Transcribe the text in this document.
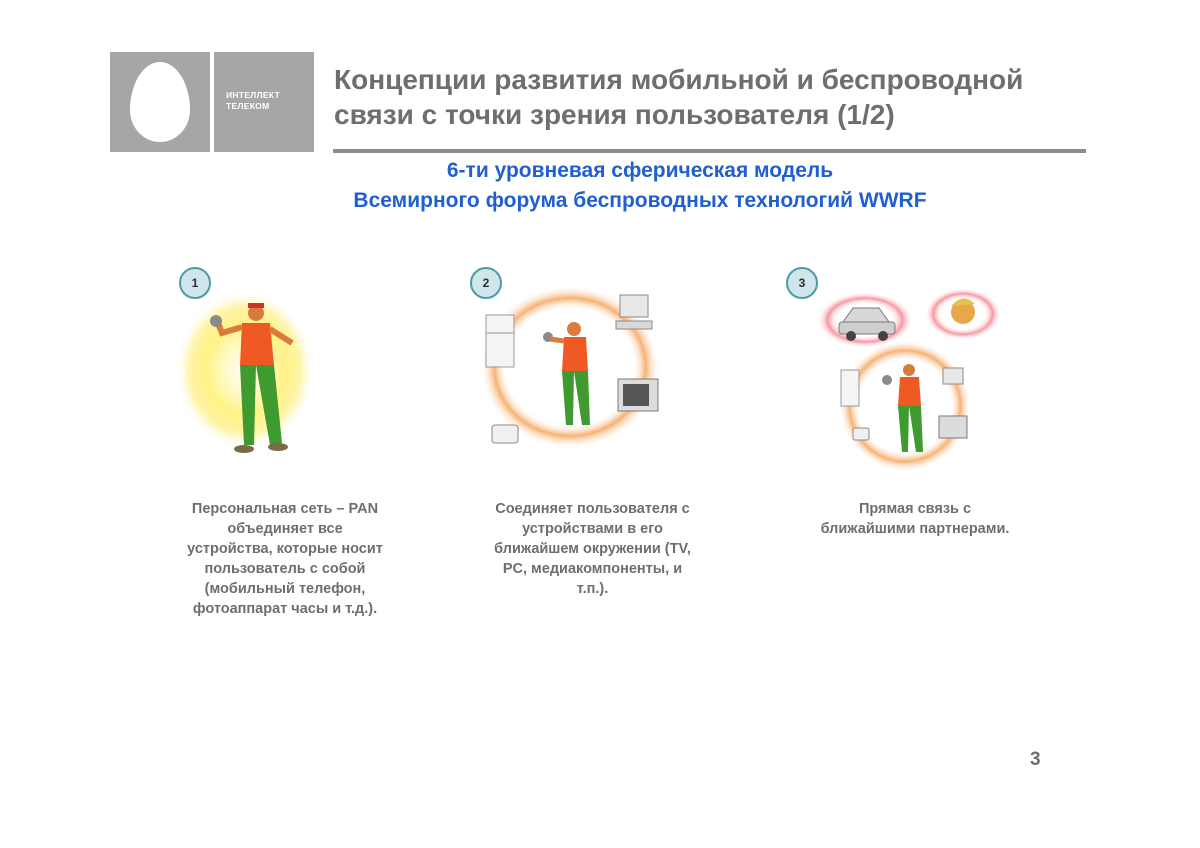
ИНТЕЛЛЕКТ
ТЕЛЕКОМ
Концепции развития мобильной и беспроводной
связи с точки зрения пользователя (1/2)
6-ти уровневая сферическая модель
Всемирного форума беспроводных технологий WWRF
1
Персональная сеть – PAN
объединяет все
устройства, которые носит
пользователь с собой
(мобильный телефон,
фотоаппарат часы и т.д.).
2
Соединяет пользователя с
устройствами в его
ближайшем окружении (TV,
PC, медиакомпоненты, и
т.п.).
3
Прямая связь с
ближайшими партнерами.
3
